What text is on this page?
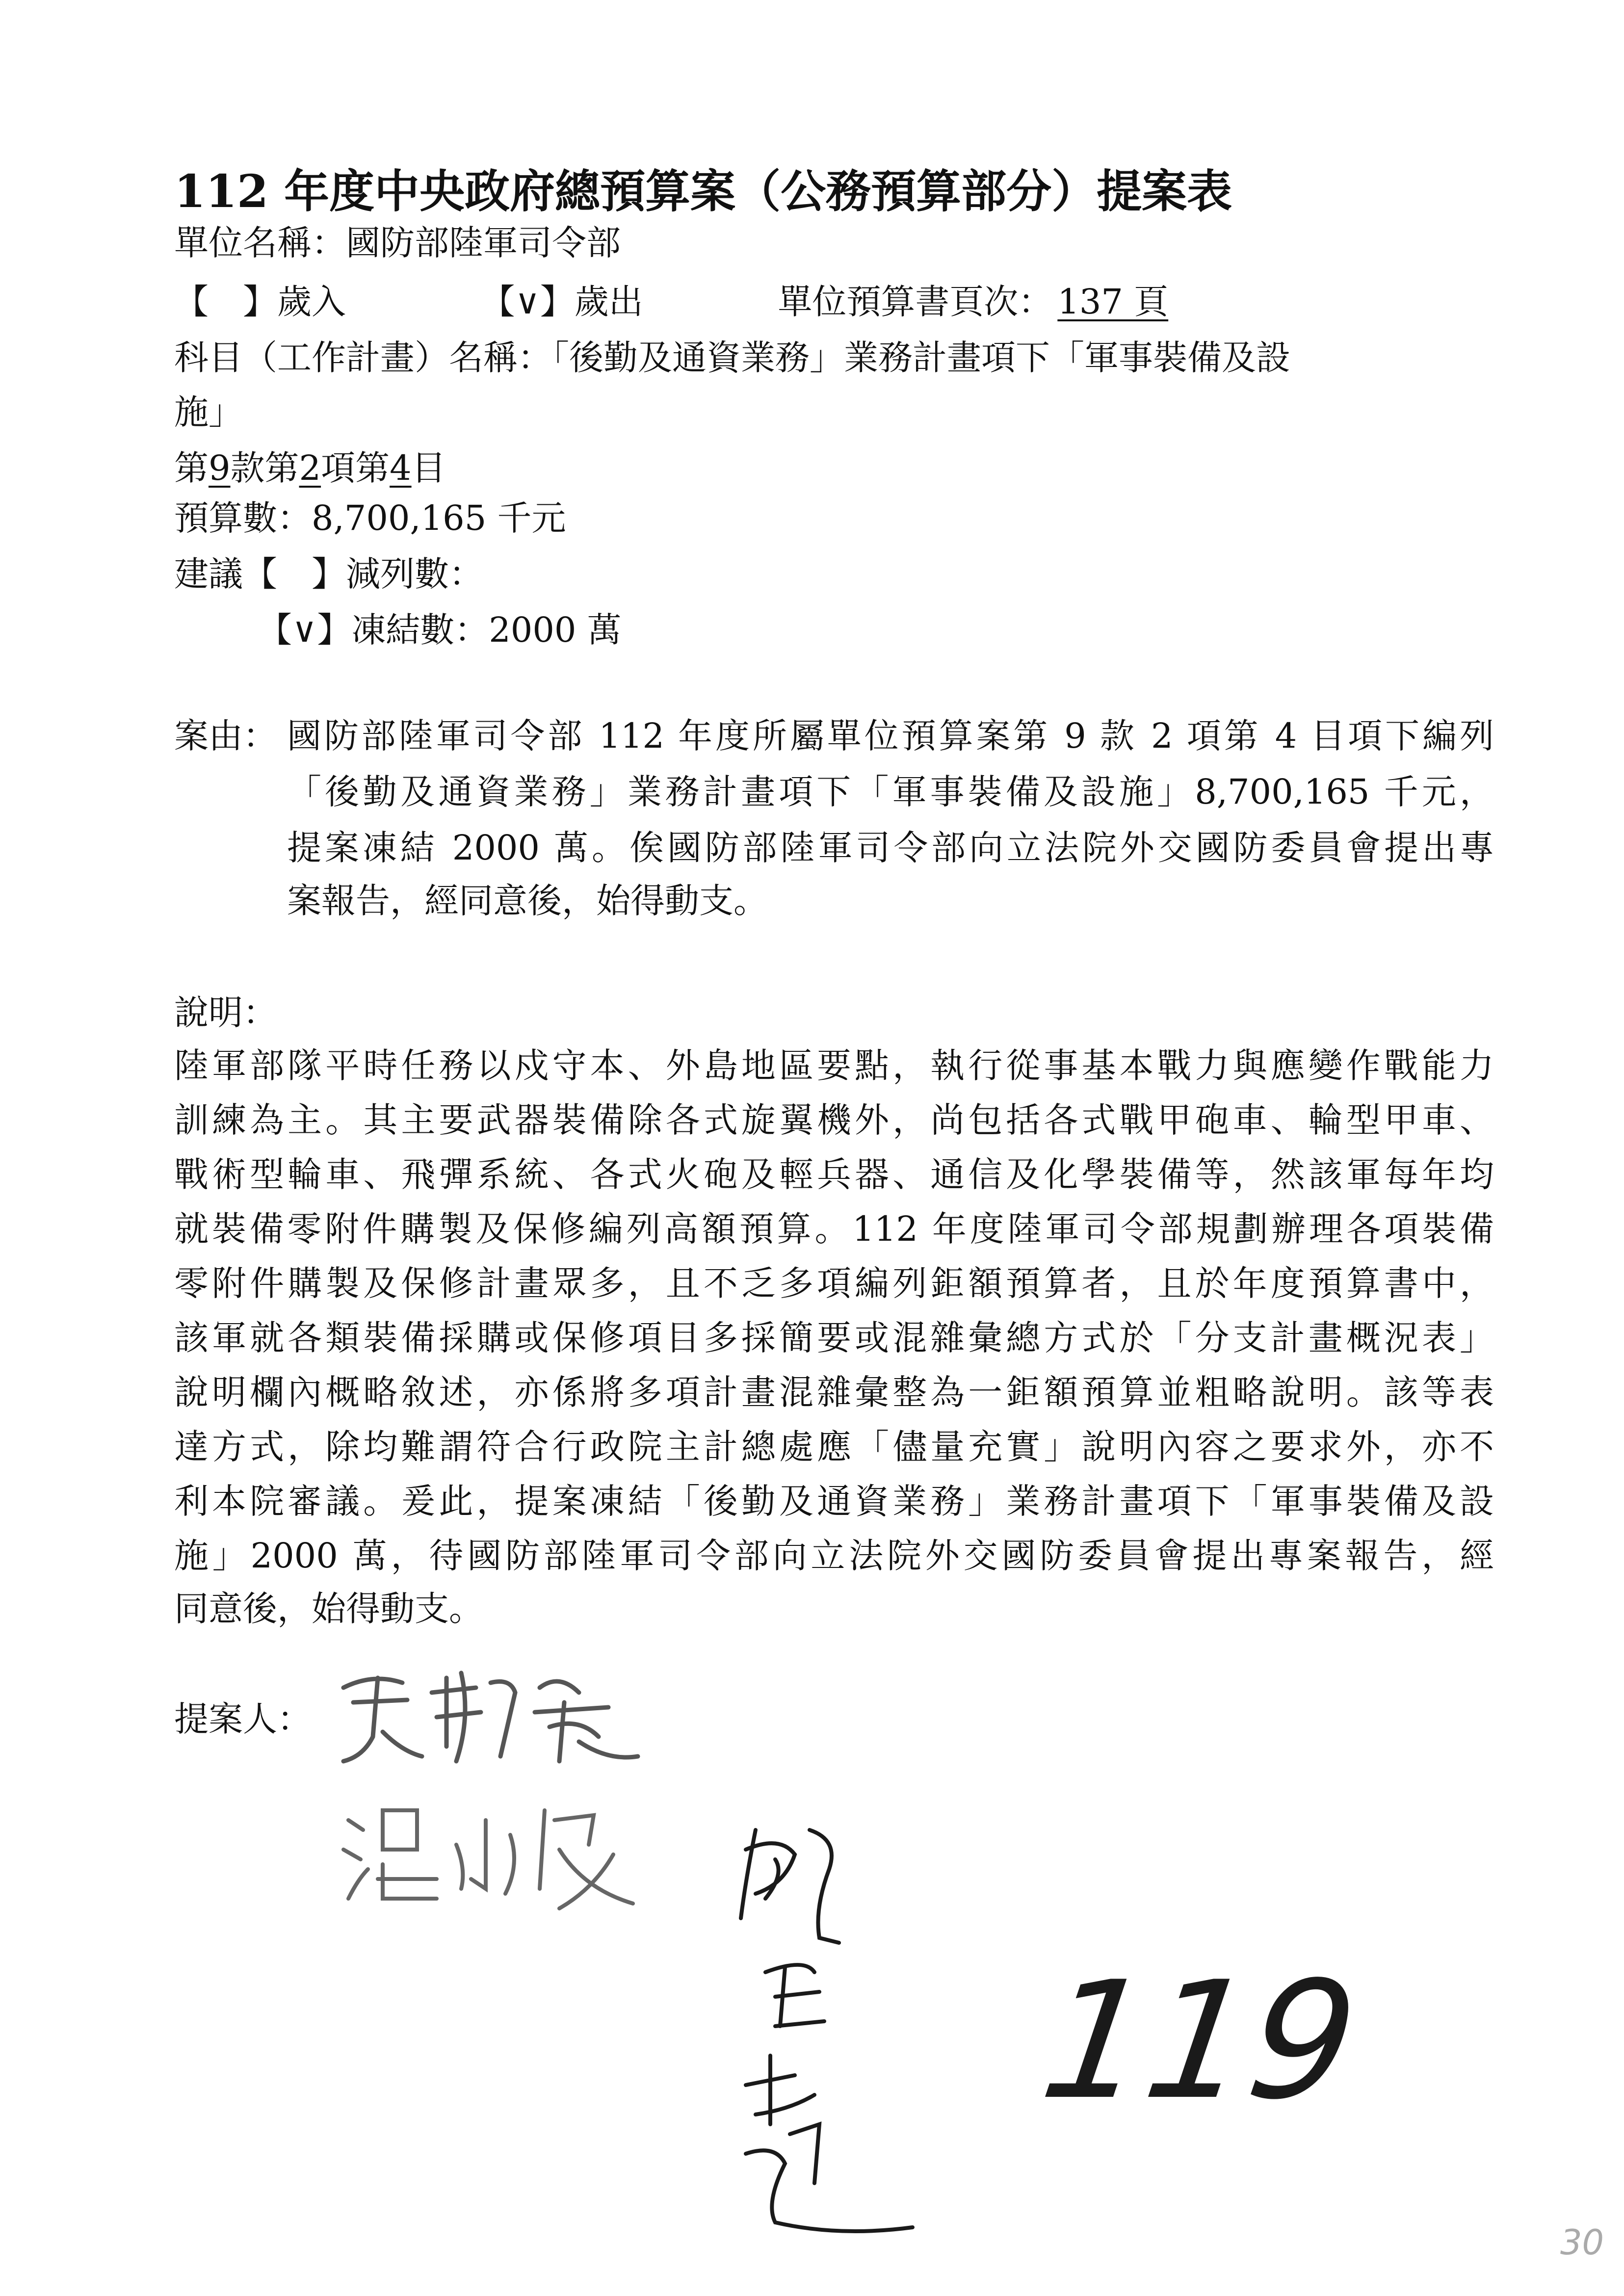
112 年度中央政府總預算案（公務預算部分）提案表
單位名稱：國防部陸軍司令部
【 】歲入	【∨】歲出	單位預算書頁次： 137 頁
科目（工作計畫）名稱：「後勤及通資業務」業務計畫項下「軍事裝備及設
施」
第9款第2項第4目
預算數：8,700,165 千元
建議【 】減列數：
【∨】凍結數：2000 萬
案由： 國防部陸軍司令部 112 年度所屬單位預算案第 9 款 2 項第 4 目項下編列
「後勤及通資業務」業務計畫項下「軍事裝備及設施」8,700,165 千元，
提案凍結 2000 萬。俟國防部陸軍司令部向立法院外交國防委員會提出專
案報告，經同意後，始得動支。
說明：
陸軍部隊平時任務以戍守本、外島地區要點，執行從事基本戰力與應變作戰能力
訓練為主。其主要武器裝備除各式旋翼機外，尚包括各式戰甲砲車、輪型甲車、
戰術型輪車、飛彈系統、各式火砲及輕兵器、通信及化學裝備等，然該軍每年均
就裝備零附件購製及保修編列高額預算。112 年度陸軍司令部規劃辦理各項裝備
零附件購製及保修計畫眾多，且不乏多項編列鉅額預算者，且於年度預算書中，
該軍就各類裝備採購或保修項目多採簡要或混雜彙總方式於「分支計畫概況表」
說明欄內概略敘述，亦係將多項計畫混雜彙整為一鉅額預算並粗略說明。該等表
達方式，除均難謂符合行政院主計總處應「儘量充實」說明內容之要求外，亦不
利本院審議。爰此，提案凍結「後勤及通資業務」業務計畫項下「軍事裝備及設
施」2000 萬，待國防部陸軍司令部向立法院外交國防委員會提出專案報告，經
同意後，始得動支。
提案人：
119
30
